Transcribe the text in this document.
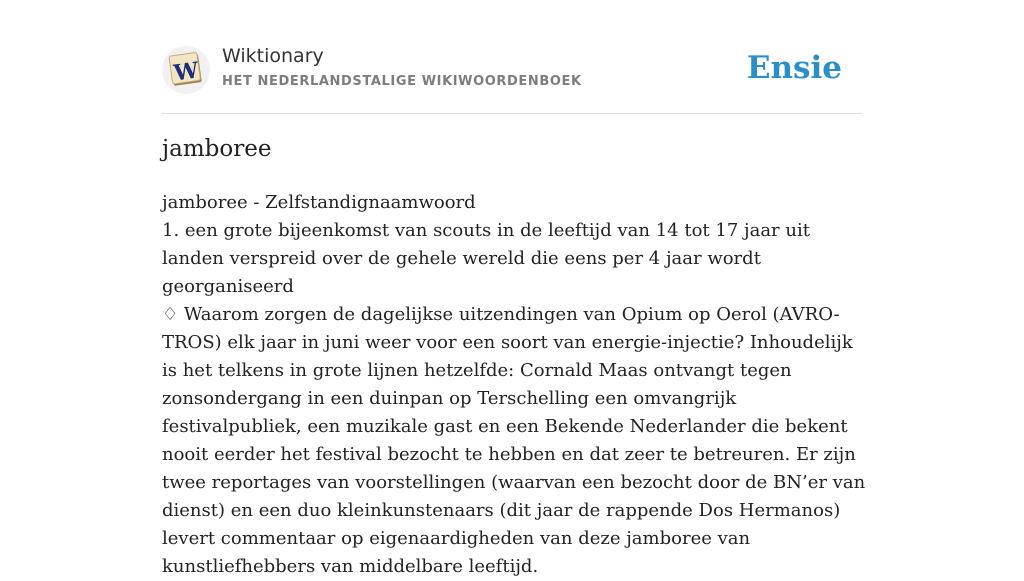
W
Wiktionary
HET NEDERLANDSTALIGE WIKIWOORDENBOEK	Ensie
jamboree

jamboree - Zelfstandignaamwoord

1. een grote bijeenkomst van scouts in de leeftijd van 14 tot 17 jaar uit landen verspreid over de gehele wereld die eens per 4 jaar wordt georganiseerd

♢ Waarom zorgen de dagelijkse uitzendingen van Opium op Oerol (AVRO-TROS) elk jaar in juni weer voor een soort van energie-injectie? Inhoudelijk is het telkens in grote lijnen hetzelfde: Cornald Maas ontvangt tegen zonsondergang in een duinpan op Terschelling een omvangrijk festivalpubliek, een muzikale gast en een Bekende Nederlander die bekent nooit eerder het festival bezocht te hebben en dat zeer te betreuren. Er zijn twee reportages van voorstellingen (waarvan een bezocht door de BN’er van dienst) en een duo kleinkunstenaars (dit jaar de rappende Dos Hermanos) levert commentaar op eigenaardigheden van deze jamboree van kunstliefhebbers van middelbare leeftijd.
